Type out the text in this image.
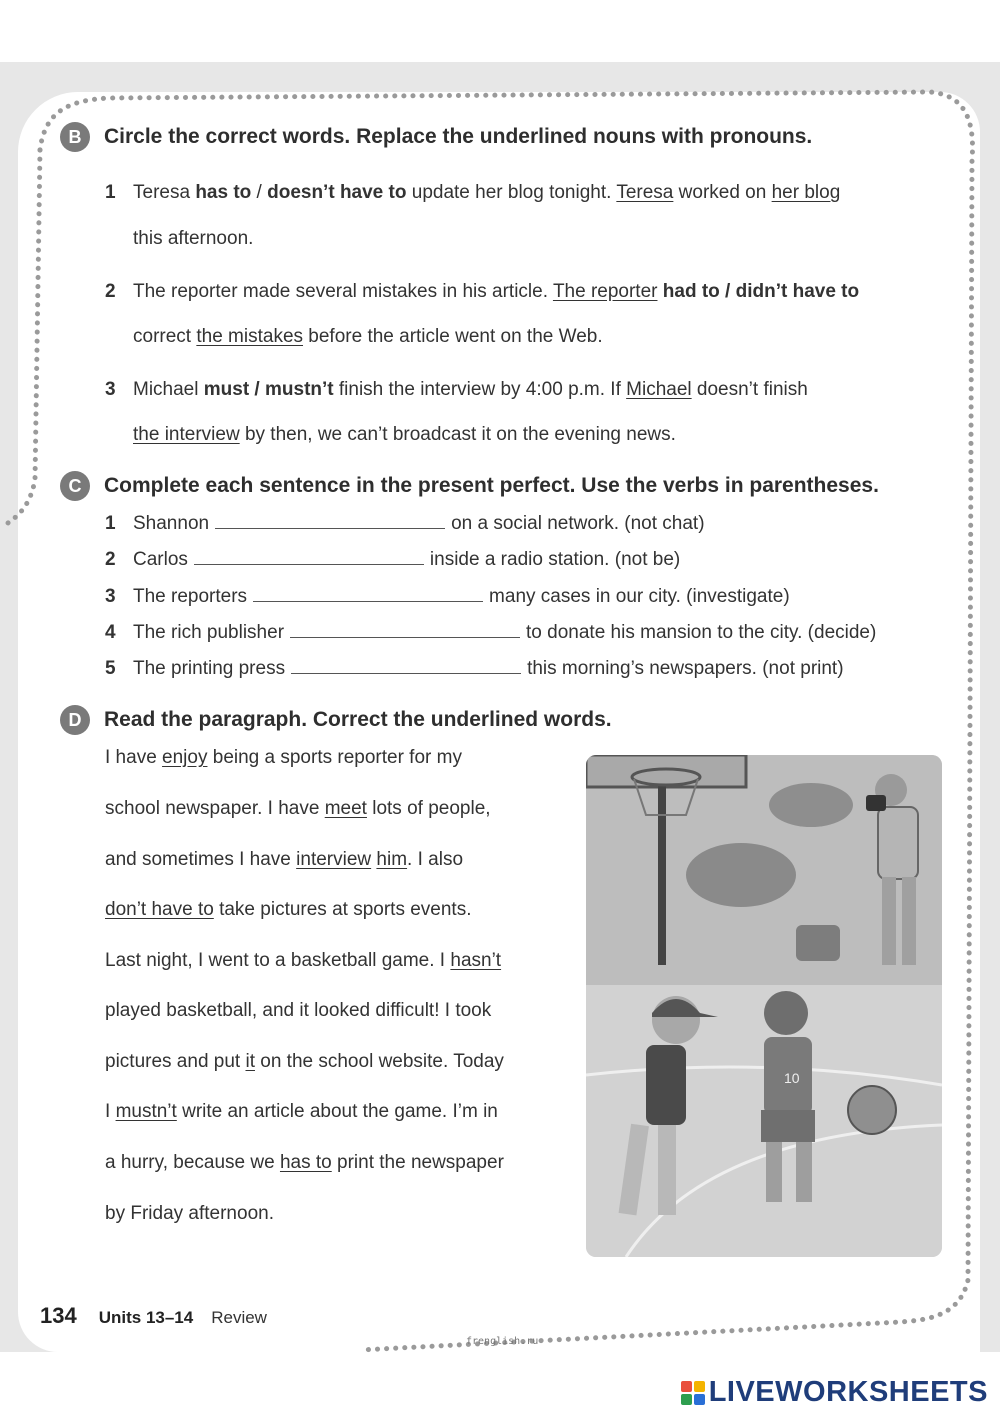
B	Circle the correct words. Replace the underlined nouns with pronouns.
1 Teresa has to / doesn’t have to update her blog tonight. Teresa worked on her blog
this afternoon.
2 The reporter made several mistakes in his article. The reporter had to / didn’t have to
correct the mistakes before the article went on the Web.
3 Michael must / mustn’t finish the interview by 4:00 p.m. If Michael doesn’t finish
the interview by then, we can’t broadcast it on the evening news.
C	Complete each sentence in the present perfect. Use the verbs in parentheses.
1 Shannon	on a social network. (not chat)
2 Carlos	inside a radio station. (not be)
3 The reporters	many cases in our city. (investigate)
4 The rich publisher	to donate his mansion to the city. (decide)
5 The printing press	this morning’s newspapers. (not print)
D	Read the paragraph. Correct the underlined words.
I have enjoy being a sports reporter for my
school newspaper. I have meet lots of people,
and sometimes I have interview him. I also
don’t have to take pictures at sports events.
Last night, I went to a basketball game. I hasn’t
played basketball, and it looked difficult! I took
pictures and put it on the school website. Today
I mustn’t write an article about the game. I’m in
a hurry, because we has to print the newspaper
by Friday afternoon.
10
134 Units 13–14 Review
frenglish.ru
LIVEWORKSHEETS
